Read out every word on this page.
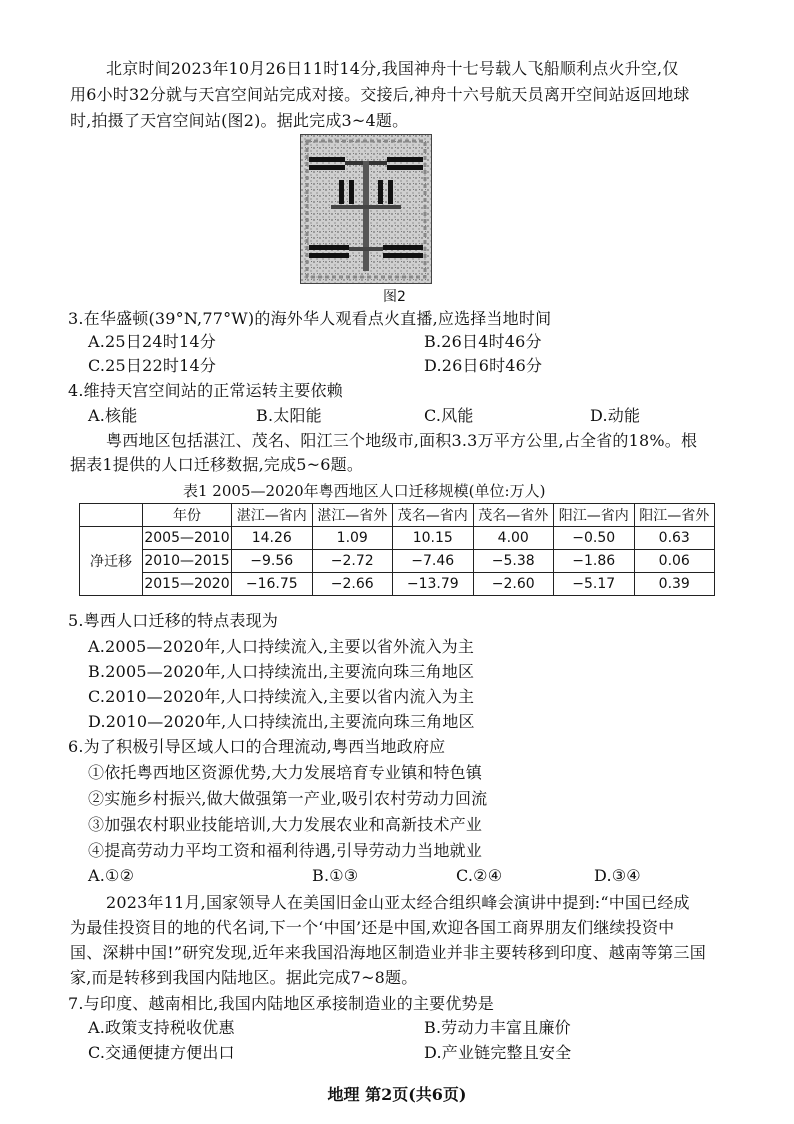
北京时间2023年10月26日11时14分,我国神舟十七号载人飞船顺利点火升空,仅
用6小时32分就与天宫空间站完成对接。交接后,神舟十六号航天员离开空间站返回地球
时,拍摄了天宫空间站(图2)。据此完成3~4题。
图2
3.在华盛顿(39°N,77°W)的海外华人观看点火直播,应选择当地时间
A.25日24时14分	B.26日4时46分
C.25日22时14分	D.26日6时46分
4.维持天宫空间站的正常运转主要依赖
A.核能	B.太阳能	C.风能	D.动能
粤西地区包括湛江、茂名、阳江三个地级市,面积3.3万平方公里,占全省的18%。根
据表1提供的人口迁移数据,完成5~6题。
表1 2005—2020年粤西地区人口迁移规模(单位:万人)
	年份	湛江—省内	湛江—省外	茂名—省内	茂名—省外	阳江—省内	阳江—省外
净迁移	2005—2010	14.26	1.09	10.15	4.00	−0.50	0.63
	2010—2015	−9.56	−2.72	−7.46	−5.38	−1.86	0.06
	2015—2020	−16.75	−2.66	−13.79	−2.60	−5.17	0.39
5.粤西人口迁移的特点表现为
A.2005—2020年,人口持续流入,主要以省外流入为主
B.2005—2020年,人口持续流出,主要流向珠三角地区
C.2010—2020年,人口持续流入,主要以省内流入为主
D.2010—2020年,人口持续流出,主要流向珠三角地区
6.为了积极引导区域人口的合理流动,粤西当地政府应
①依托粤西地区资源优势,大力发展培育专业镇和特色镇
②实施乡村振兴,做大做强第一产业,吸引农村劳动力回流
③加强农村职业技能培训,大力发展农业和高新技术产业
④提高劳动力平均工资和福利待遇,引导劳动力当地就业
A.①②	B.①③	C.②④	D.③④
2023年11月,国家领导人在美国旧金山亚太经合组织峰会演讲中提到:“中国已经成
为最佳投资目的地的代名词,下一个‘中国’还是中国,欢迎各国工商界朋友们继续投资中
国、深耕中国!”研究发现,近年来我国沿海地区制造业并非主要转移到印度、越南等第三国
家,而是转移到我国内陆地区。据此完成7~8题。
7.与印度、越南相比,我国内陆地区承接制造业的主要优势是
A.政策支持税收优惠	B.劳动力丰富且廉价
C.交通便捷方便出口	D.产业链完整且安全
地理 第2页(共6页)
